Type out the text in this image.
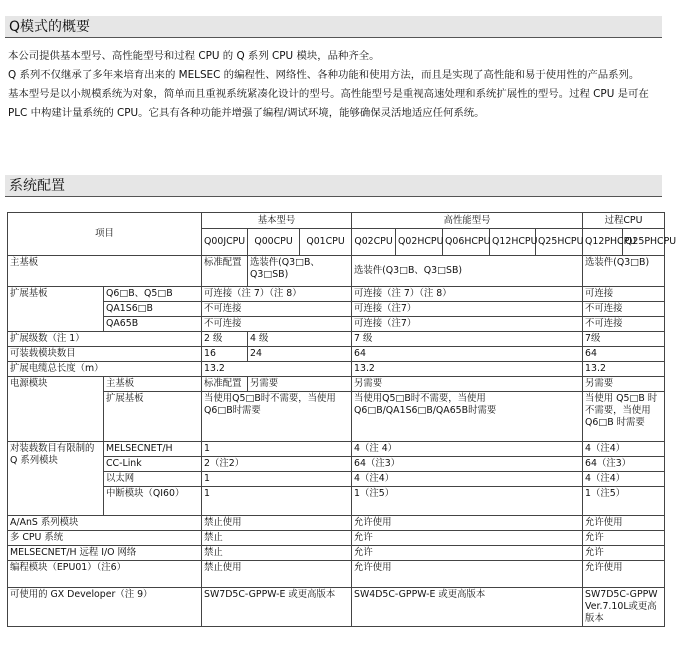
Q模式的概要

本公司提供基本型号、高性能型号和过程 CPU 的 Q 系列 CPU 模块，品种齐全。

Q 系列不仅继承了多年来培育出来的 MELSEC 的编程性、网络性、各种功能和使用方法，而且是实现了高性能和易于使用性的产品系列。

基本型号是以小规模系统为对象，简单而且重视系统紧凑化设计的型号。高性能型号是重视高速处理和系统扩展性的型号。过程 CPU 是可在 PLC 中构建计量系统的 CPU。它具有各种功能并增强了编程/调试环境，能够确保灵活地适应任何系统。

系统配置
项目		基本型号			高性能型号					过程CPU	
		Q00JCPU	Q00CPU	Q01CPU	Q02CPU	Q02HCPU	Q06HCPU	Q12HCPU	Q25HCPU	Q12PHCPU	Q25PHCPU
主基板		标准配置	选装件(Q3□B、Q3□SB)		选装件(Q3□B、Q3□SB)					选装件(Q3□B)	
扩展基板	Q6□B、Q5□B	可连接（注 7）（注 8）			可连接（注 7）（注 8）					可连接	
	QA1S6□B	不可连接			可连接（注7）					不可连接	
	QA65B	不可连接			可连接（注7）					不可连接	
扩展级数（注 1）		2 级	4 级		7 级					7级	
可装载模块数目		16	24		64					64	
扩展电缆总长度（m）		13.2			13.2					13.2	
电源模块	主基板	标准配置	另需要		另需要					另需要	
	扩展基板	当使用Q5□B时不需要，当使用Q6□B时需要			当使用Q5□B时不需要，当使用Q6□B/QA1S6□B/QA65B时需要					当使用 Q5□B 时不需要，当使用 Q6□B 时需要	
对装载数目有限制的 Q 系列模块	MELSECNET/H	1			4（注 4）					4（注4）	
	CC-Link	2（注2）			64（注3）					64（注3）	
	以太网	1			4（注4）					4（注4）	
	中断模块（QI60）	1			1（注5）					1（注5）	
A/AnS 系列模块		禁止使用			允许使用					允许使用	
多 CPU 系统		禁止			允许					允许	
MELSECNET/H 远程 I/O 网络		禁止			允许					允许	
编程模块（EPU01）（注6）		禁止使用			允许使用					允许使用	
可使用的 GX Developer（注 9）		SW7D5C-GPPW-E 或更高版本			SW4D5C-GPPW-E 或更高版本					SW7D5C-GPPW Ver.7.10L或更高版本	
